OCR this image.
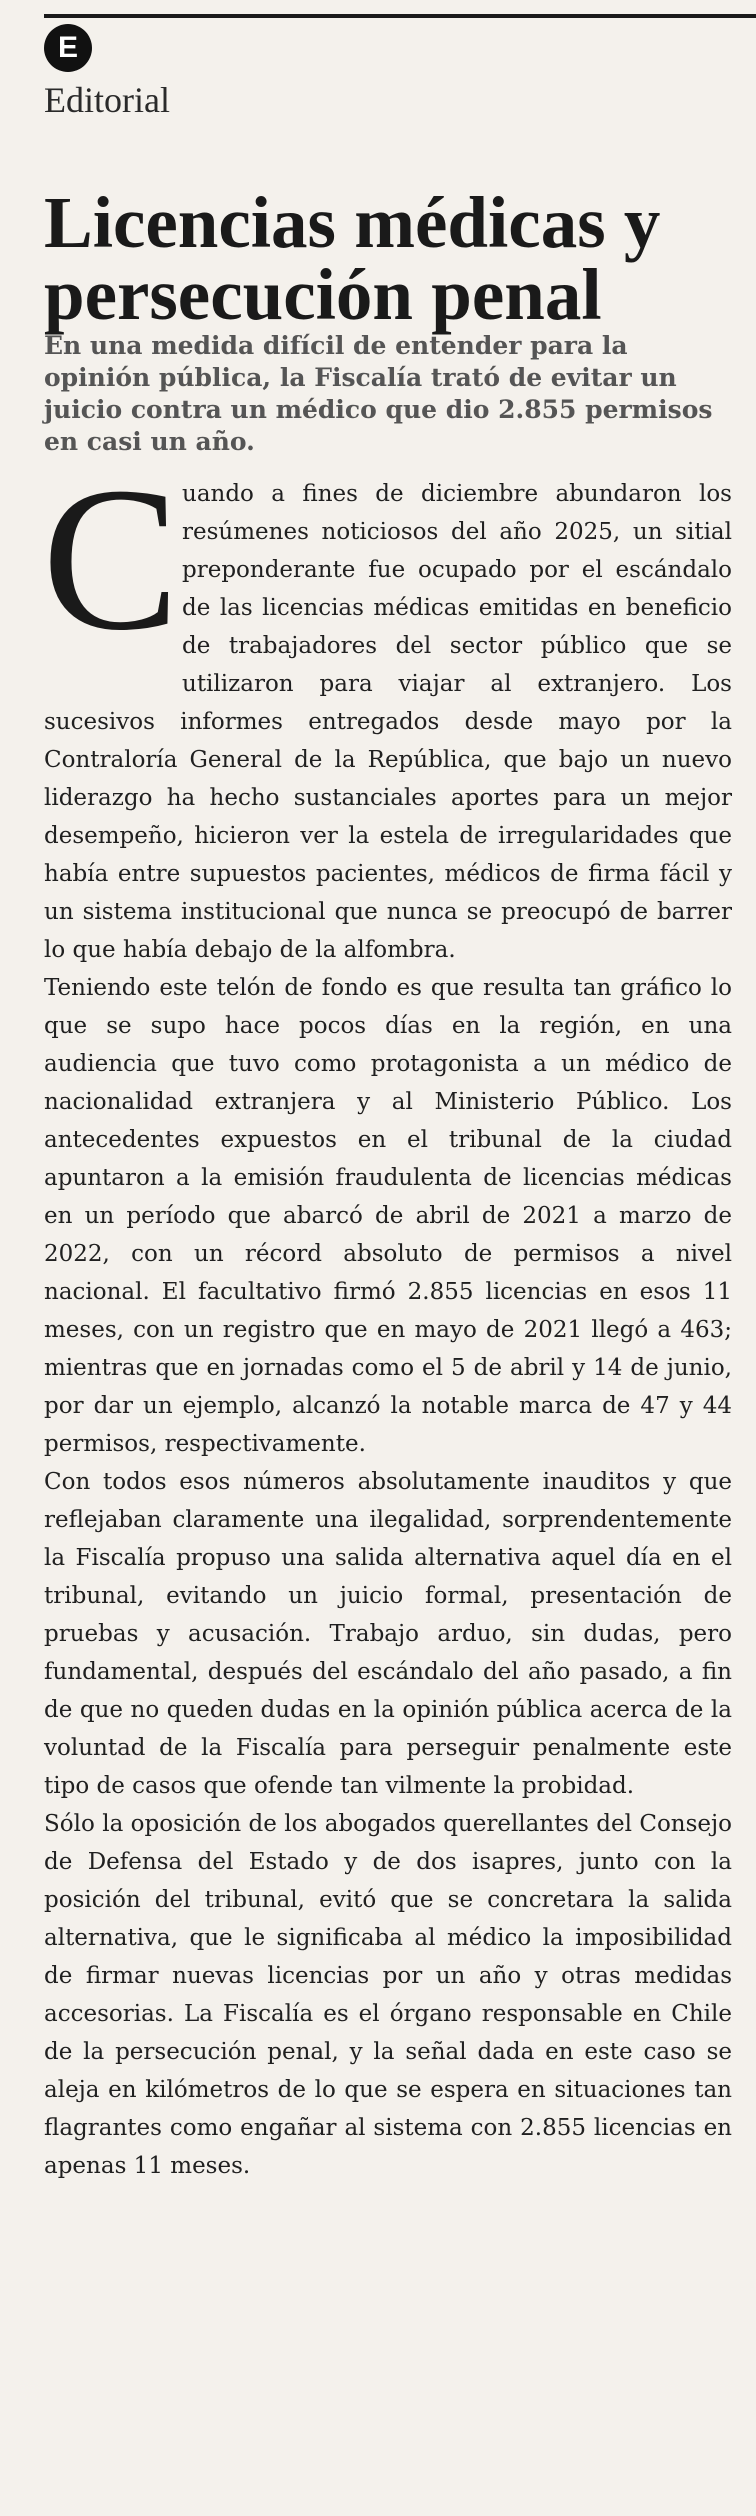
E
Editorial
Licencias médicas y persecución penal
En una medida difícil de entender para la opinión pública, la Fiscalía trató de evitar un juicio contra un médico que dio 2.855 permisos en casi un año.
C uando a fines de diciembre abundaron los resúmenes noticiosos del año 2025, un sitial preponderante fue ocupado por el escándalo de las licencias médicas emitidas en beneficio de trabajadores del sector público que se utilizaron para viajar al extranjero. Los sucesivos informes entregados desde mayo por la Contraloría General de la República, que bajo un nuevo liderazgo ha hecho sustanciales aportes para un mejor desempeño, hicieron ver la estela de irregularidades que había entre supuestos pacientes, médicos de firma fácil y un sistema institucional que nunca se preocupó de barrer lo que había debajo de la alfombra.

Teniendo este telón de fondo es que resulta tan gráfico lo que se supo hace pocos días en la región, en una audiencia que tuvo como protagonista a un médico de nacionalidad extranjera y al Ministerio Público. Los antecedentes expuestos en el tribunal de la ciudad apuntaron a la emisión fraudulenta de licencias médicas en un período que abarcó de abril de 2021 a marzo de 2022, con un récord absoluto de permisos a nivel nacional. El facultativo firmó 2.855 licencias en esos 11 meses, con un registro que en mayo de 2021 llegó a 463; mientras que en jornadas como el 5 de abril y 14 de junio, por dar un ejemplo, alcanzó la notable marca de 47 y 44 permisos, respectivamente.

Con todos esos números absolutamente inauditos y que reflejaban claramente una ilegalidad, sorprendentemente la Fiscalía propuso una salida alternativa aquel día en el tribunal, evitando un juicio formal, presentación de pruebas y acusación. Trabajo arduo, sin dudas, pero fundamental, después del escándalo del año pasado, a fin de que no queden dudas en la opinión pública acerca de la voluntad de la Fiscalía para perseguir penalmente este tipo de casos que ofende tan vilmente la probidad.

Sólo la oposición de los abogados querellantes del Consejo de Defensa del Estado y de dos isapres, junto con la posición del tribunal, evitó que se concretara la salida alternativa, que le significaba al médico la imposibilidad de firmar nuevas licencias por un año y otras medidas accesorias. La Fiscalía es el órgano responsable en Chile de la persecución penal, y la señal dada en este caso se aleja en kilómetros de lo que se espera en situaciones tan flagrantes como engañar al sistema con 2.855 licencias en apenas 11 meses.
